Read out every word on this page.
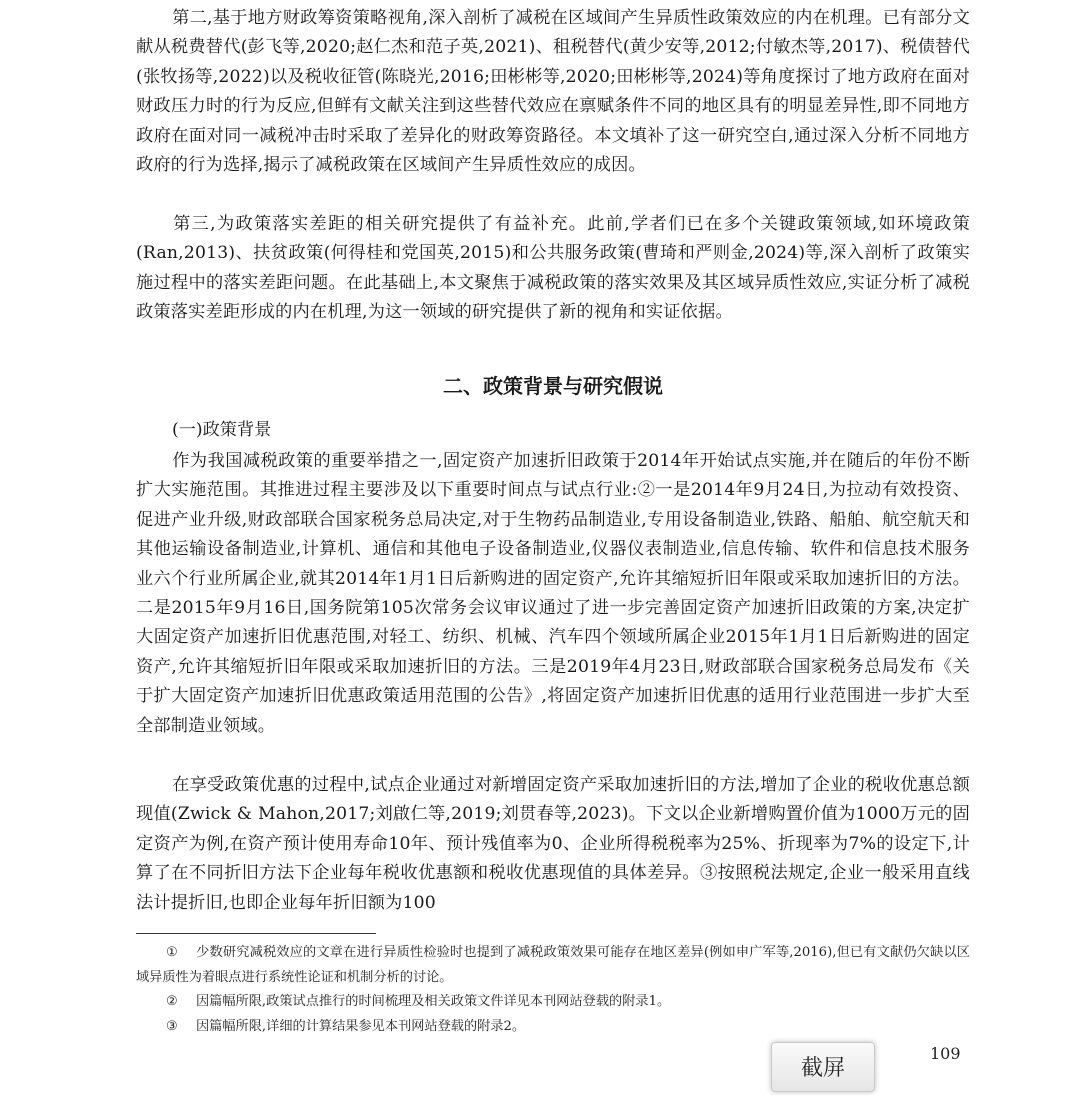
第二,基于地方财政筹资策略视角,深入剖析了减税在区域间产生异质性政策效应的内在机理。已有部分文献从税费替代(彭飞等,2020;赵仁杰和范子英,2021)、租税替代(黄少安等,2012;付敏杰等,2017)、税债替代(张牧扬等,2022)以及税收征管(陈晓光,2016;田彬彬等,2020;田彬彬等,2024)等角度探讨了地方政府在面对财政压力时的行为反应,但鲜有文献关注到这些替代效应在禀赋条件不同的地区具有的明显差异性,即不同地方政府在面对同一减税冲击时采取了差异化的财政筹资路径。本文填补了这一研究空白,通过深入分析不同地方政府的行为选择,揭示了减税政策在区域间产生异质性效应的成因。

第三,为政策落实差距的相关研究提供了有益补充。此前,学者们已在多个关键政策领域,如环境政策(Ran,2013)、扶贫政策(何得桂和党国英,2015)和公共服务政策(曹琦和严则金,2024)等,深入剖析了政策实施过程中的落实差距问题。在此基础上,本文聚焦于减税政策的落实效果及其区域异质性效应,实证分析了减税政策落实差距形成的内在机理,为这一领域的研究提供了新的视角和实证依据。

二、政策背景与研究假说

(一)政策背景

作为我国减税政策的重要举措之一,固定资产加速折旧政策于2014年开始试点实施,并在随后的年份不断扩大实施范围。其推进过程主要涉及以下重要时间点与试点行业:②一是2014年9月24日,为拉动有效投资、促进产业升级,财政部联合国家税务总局决定,对于生物药品制造业,专用设备制造业,铁路、船舶、航空航天和其他运输设备制造业,计算机、通信和其他电子设备制造业,仪器仪表制造业,信息传输、软件和信息技术服务业六个行业所属企业,就其2014年1月1日后新购进的固定资产,允许其缩短折旧年限或采取加速折旧的方法。二是2015年9月16日,国务院第105次常务会议审议通过了进一步完善固定资产加速折旧政策的方案,决定扩大固定资产加速折旧优惠范围,对轻工、纺织、机械、汽车四个领域所属企业2015年1月1日后新购进的固定资产,允许其缩短折旧年限或采取加速折旧的方法。三是2019年4月23日,财政部联合国家税务总局发布《关于扩大固定资产加速折旧优惠政策适用范围的公告》,将固定资产加速折旧优惠的适用行业范围进一步扩大至全部制造业领域。

在享受政策优惠的过程中,试点企业通过对新增固定资产采取加速折旧的方法,增加了企业的税收优惠总额现值(Zwick & Mahon,2017;刘啟仁等,2019;刘贯春等,2023)。下文以企业新增购置价值为1000万元的固定资产为例,在资产预计使用寿命10年、预计残值率为0、企业所得税税率为25%、折现率为7%的设定下,计算了在不同折旧方法下企业每年税收优惠额和税收优惠现值的具体差异。③按照税法规定,企业一般采用直线法计提折旧,也即企业每年折旧额为100

① 少数研究减税效应的文章在进行异质性检验时也提到了减税政策效果可能存在地区差异(例如申广军等,2016),但已有文献仍欠缺以区域异质性为着眼点进行系统性论证和机制分析的讨论。

② 因篇幅所限,政策试点推行的时间梳理及相关政策文件详见本刊网站登载的附录1。

③ 因篇幅所限,详细的计算结果参见本刊网站登载的附录2。

截屏
109
